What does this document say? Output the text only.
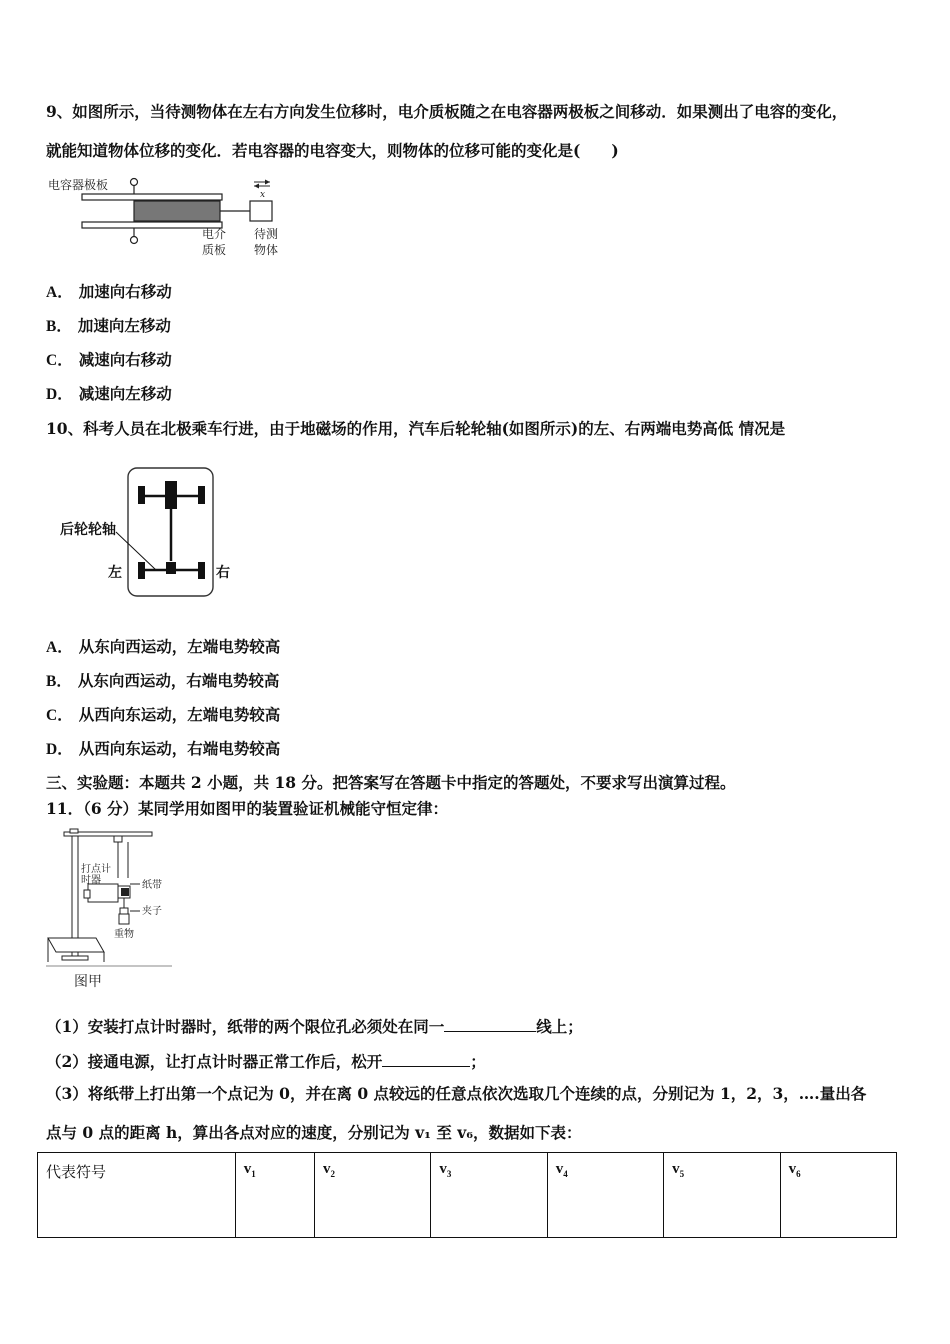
9、如图所示，当待测物体在左右方向发生位移时，电介质板随之在电容器两极板之间移动．如果测出了电容的变化，
就能知道物体位移的变化．若电容器的电容变大，则物体的位移可能的变化是(　　)
电容器极板
x
电介
质板
待测
物体
A． 加速向右移动
B． 加速向左移动
C． 减速向右移动
D． 减速向左移动
10、科考人员在北极乘车行进，由于地磁场的作用，汽车后轮轮轴(如图所示)的左、右两端电势高低 情况是
后轮轮轴
左	右
A． 从东向西运动，左端电势较高
B． 从东向西运动，右端电势较高
C． 从西向东运动，左端电势较高
D． 从西向东运动，右端电势较高
三、实验题：本题共 2 小题，共 18 分。把答案写在答题卡中指定的答题处，不要求写出演算过程。
11．（6 分）某同学用如图甲的装置验证机械能守恒定律：
打点计
时器	纸带
夹子
重物
图甲
（1）安装打点计时器时，纸带的两个限位孔必须处在同一	线上；
（2）接通电源，让打点计时器正常工作后，松开	；
（3）将纸带上打出第一个点记为 0，并在离 0 点较远的任意点依次选取几个连续的点，分别记为 1，2，3，….量出各
点与 0 点的距离 h，算出各点对应的速度，分别记为 v₁ 至 v₆，数据如下表：
代表符号	$v_1$	$v_2$	$v_3$	$v_4$	$v_5$	$v_6$
